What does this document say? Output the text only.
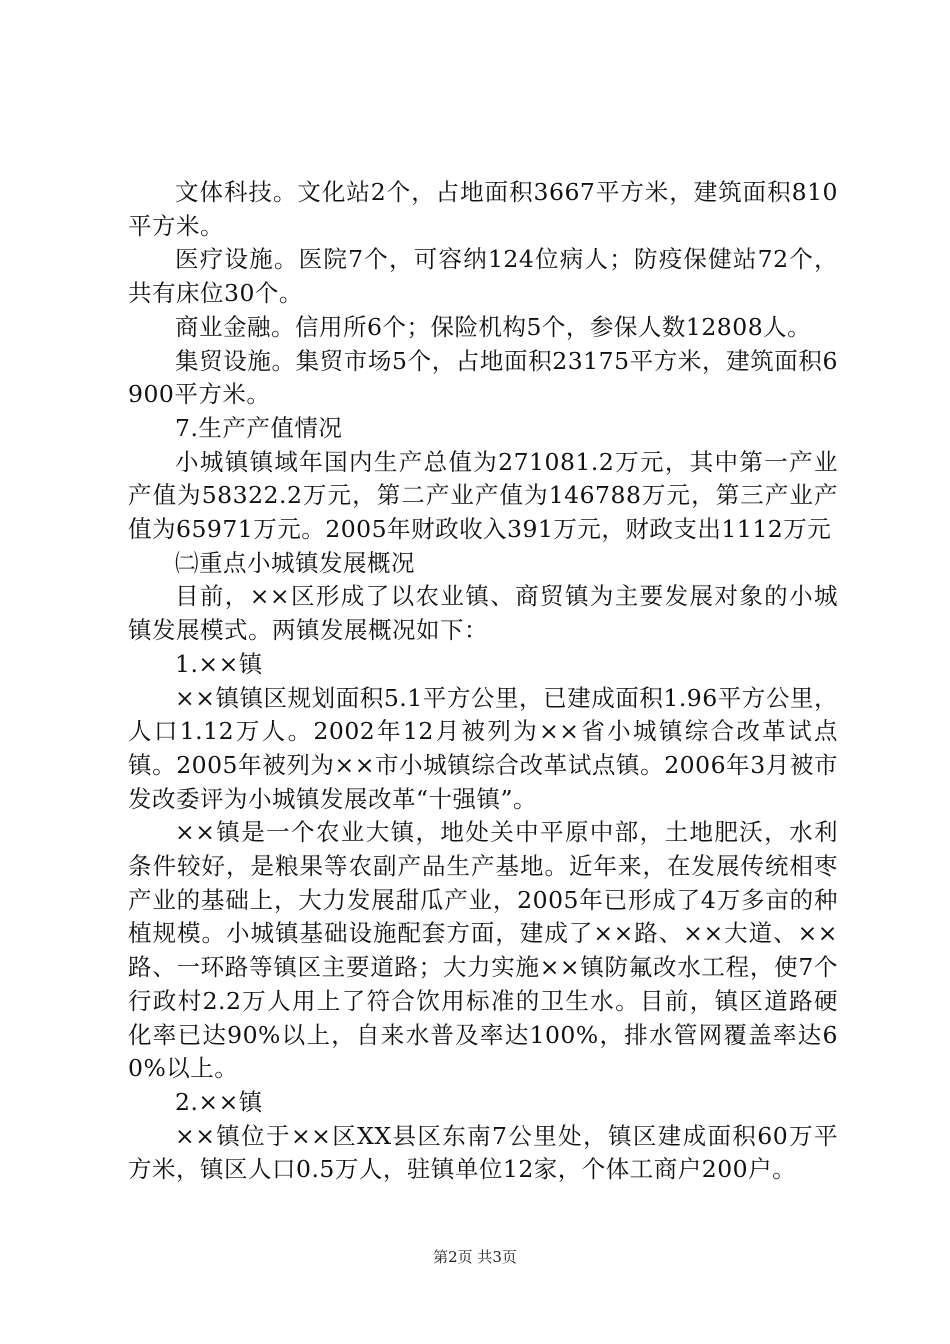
文体科技。文化站2个，占地面积3667平方米，建筑面积810平方米。

医疗设施。医院7个，可容纳124位病人；防疫保健站72个，共有床位30个。

商业金融。信用所6个；保险机构5个，参保人数12808人。

集贸设施。集贸市场5个，占地面积23175平方米，建筑面积6900平方米。

7.生产产值情况

小城镇镇域年国内生产总值为271081.2万元，其中第一产业产值为58322.2万元，第二产业产值为146788万元，第三产业产值为65971万元。2005年财政收入391万元，财政支出1112万元

㈡重点小城镇发展概况

目前，××区形成了以农业镇、商贸镇为主要发展对象的小城镇发展模式。两镇发展概况如下：

1.××镇

××镇镇区规划面积5.1平方公里，已建成面积1.96平方公里，人口1.12万人。2002年12月被列为××省小城镇综合改革试点镇。2005年被列为××市小城镇综合改革试点镇。2006年3月被市发改委评为小城镇发展改革“十强镇”。

××镇是一个农业大镇，地处关中平原中部，土地肥沃，水利条件较好，是粮果等农副产品生产基地。近年来，在发展传统相枣产业的基础上，大力发展甜瓜产业，2005年已形成了4万多亩的种植规模。小城镇基础设施配套方面，建成了××路、××大道、××路、一环路等镇区主要道路；大力实施××镇防氟改水工程，使7个行政村2.2万人用上了符合饮用标准的卫生水。目前，镇区道路硬化率已达90%以上，自来水普及率达100%，排水管网覆盖率达60%以上。

2.××镇

××镇位于××区XX县区东南7公里处，镇区建成面积60万平方米，镇区人口0.5万人，驻镇单位12家，个体工商户200户。

第2页 共3页
